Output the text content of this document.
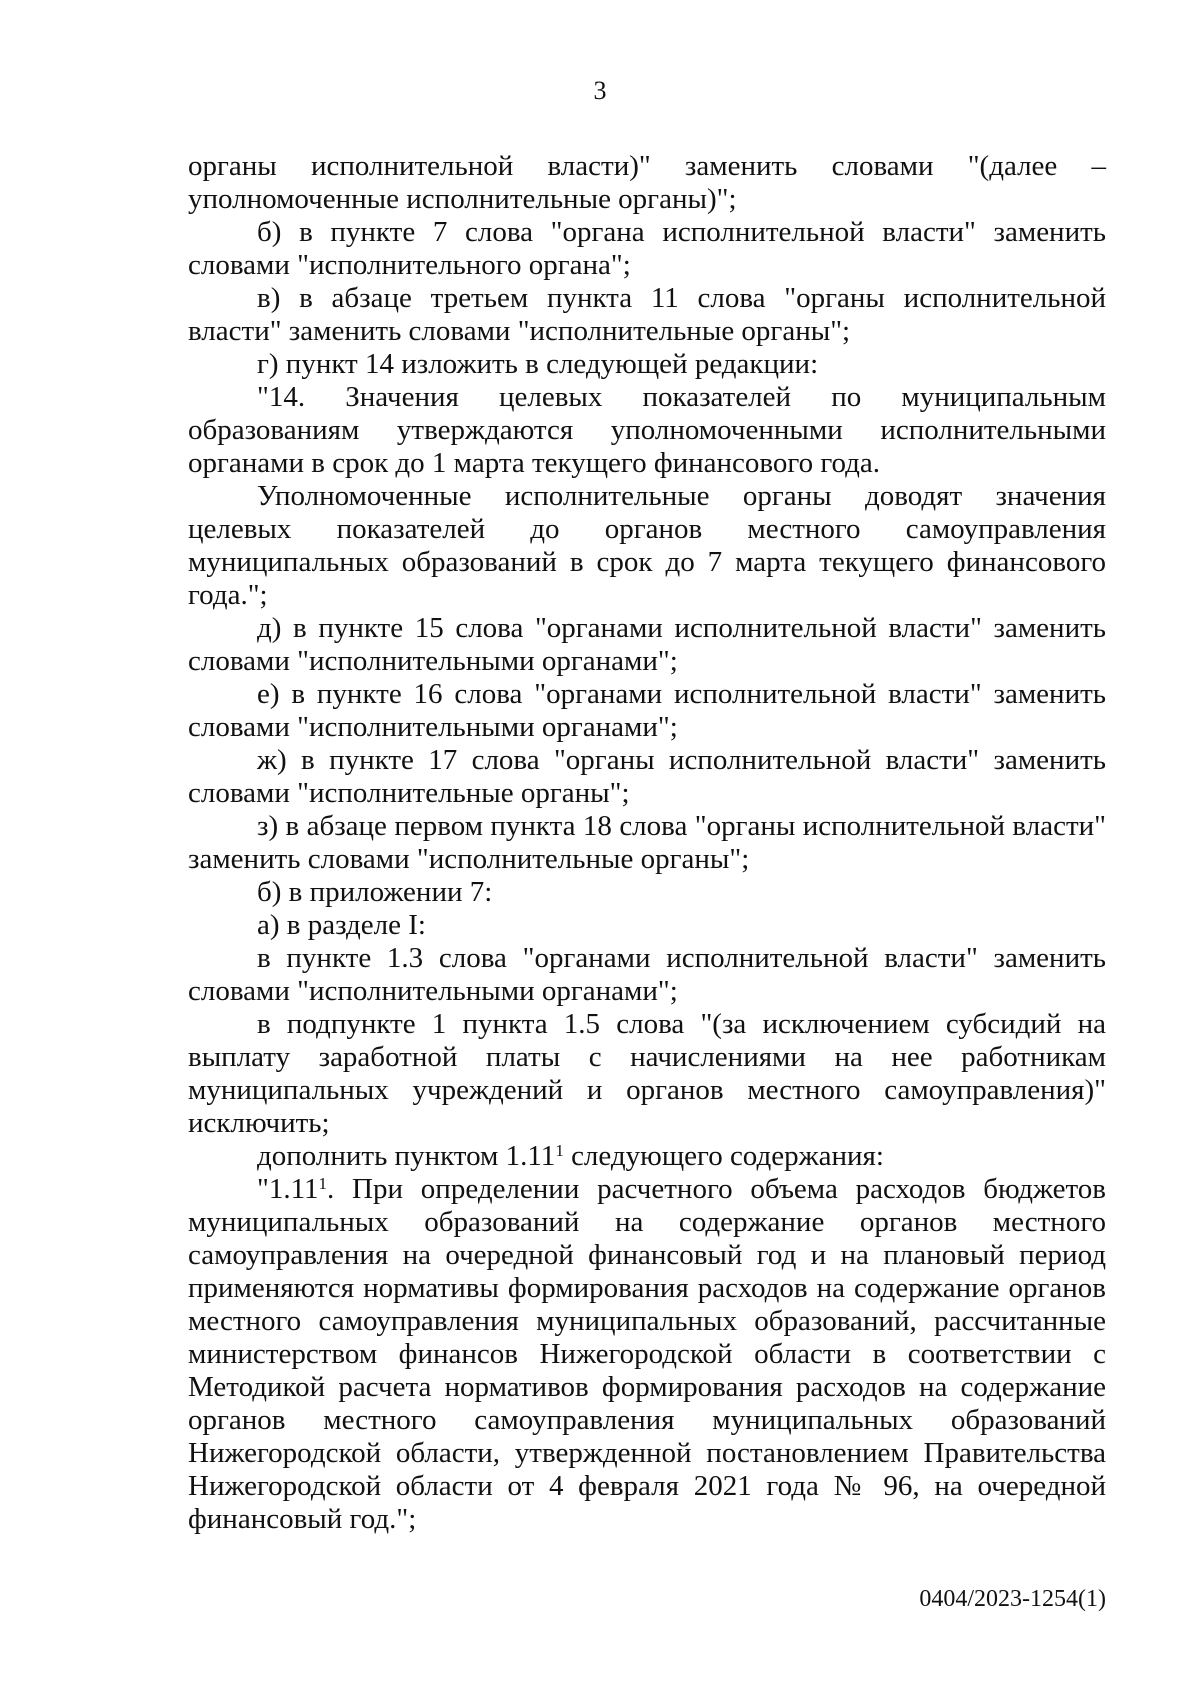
3

органы исполнительной власти)" заменить словами "(далее – уполномоченные исполнительные органы)";

б) в пункте 7 слова "органа исполнительной власти" заменить словами "исполнительного органа";

в) в абзаце третьем пункта 11 слова "органы исполнительной власти" заменить словами "исполнительные органы";

г) пункт 14 изложить в следующей редакции:

"14. Значения целевых показателей по муниципальным образованиям утверждаются уполномоченными исполнительными органами в срок до 1 марта текущего финансового года.

Уполномоченные исполнительные органы доводят значения целевых показателей до органов местного самоуправления муниципальных образований в срок до 7 марта текущего финансового года.";

д) в пункте 15 слова "органами исполнительной власти" заменить словами "исполнительными органами";

е) в пункте 16 слова "органами исполнительной власти" заменить словами "исполнительными органами";

ж) в пункте 17 слова "органы исполнительной власти" заменить словами "исполнительные органы";

з) в абзаце первом пункта 18 слова "органы исполнительной власти" заменить словами "исполнительные органы";

б) в приложении 7:

а) в разделе I:

в пункте 1.3 слова "органами исполнительной власти" заменить словами "исполнительными органами";

в подпункте 1 пункта 1.5 слова "(за исключением субсидий на выплату заработной платы с начислениями на нее работникам муниципальных учреждений и органов местного самоуправления)" исключить;

дополнить пунктом 1.11$^1$ следующего содержания:

"1.11$^1$. При определении расчетного объема расходов бюджетов муниципальных образований на содержание органов местного самоуправления на очередной финансовый год и на плановый период применяются нормативы формирования расходов на содержание органов местного самоуправления муниципальных образований, рассчитанные министерством финансов Нижегородской области в соответствии с Методикой расчета нормативов формирования расходов на содержание органов местного самоуправления муниципальных образований Нижегородской области, утвержденной постановлением Правительства Нижегородской области от 4 февраля 2021 года № 96, на очередной финансовый год.";

0404/2023-1254(1)
